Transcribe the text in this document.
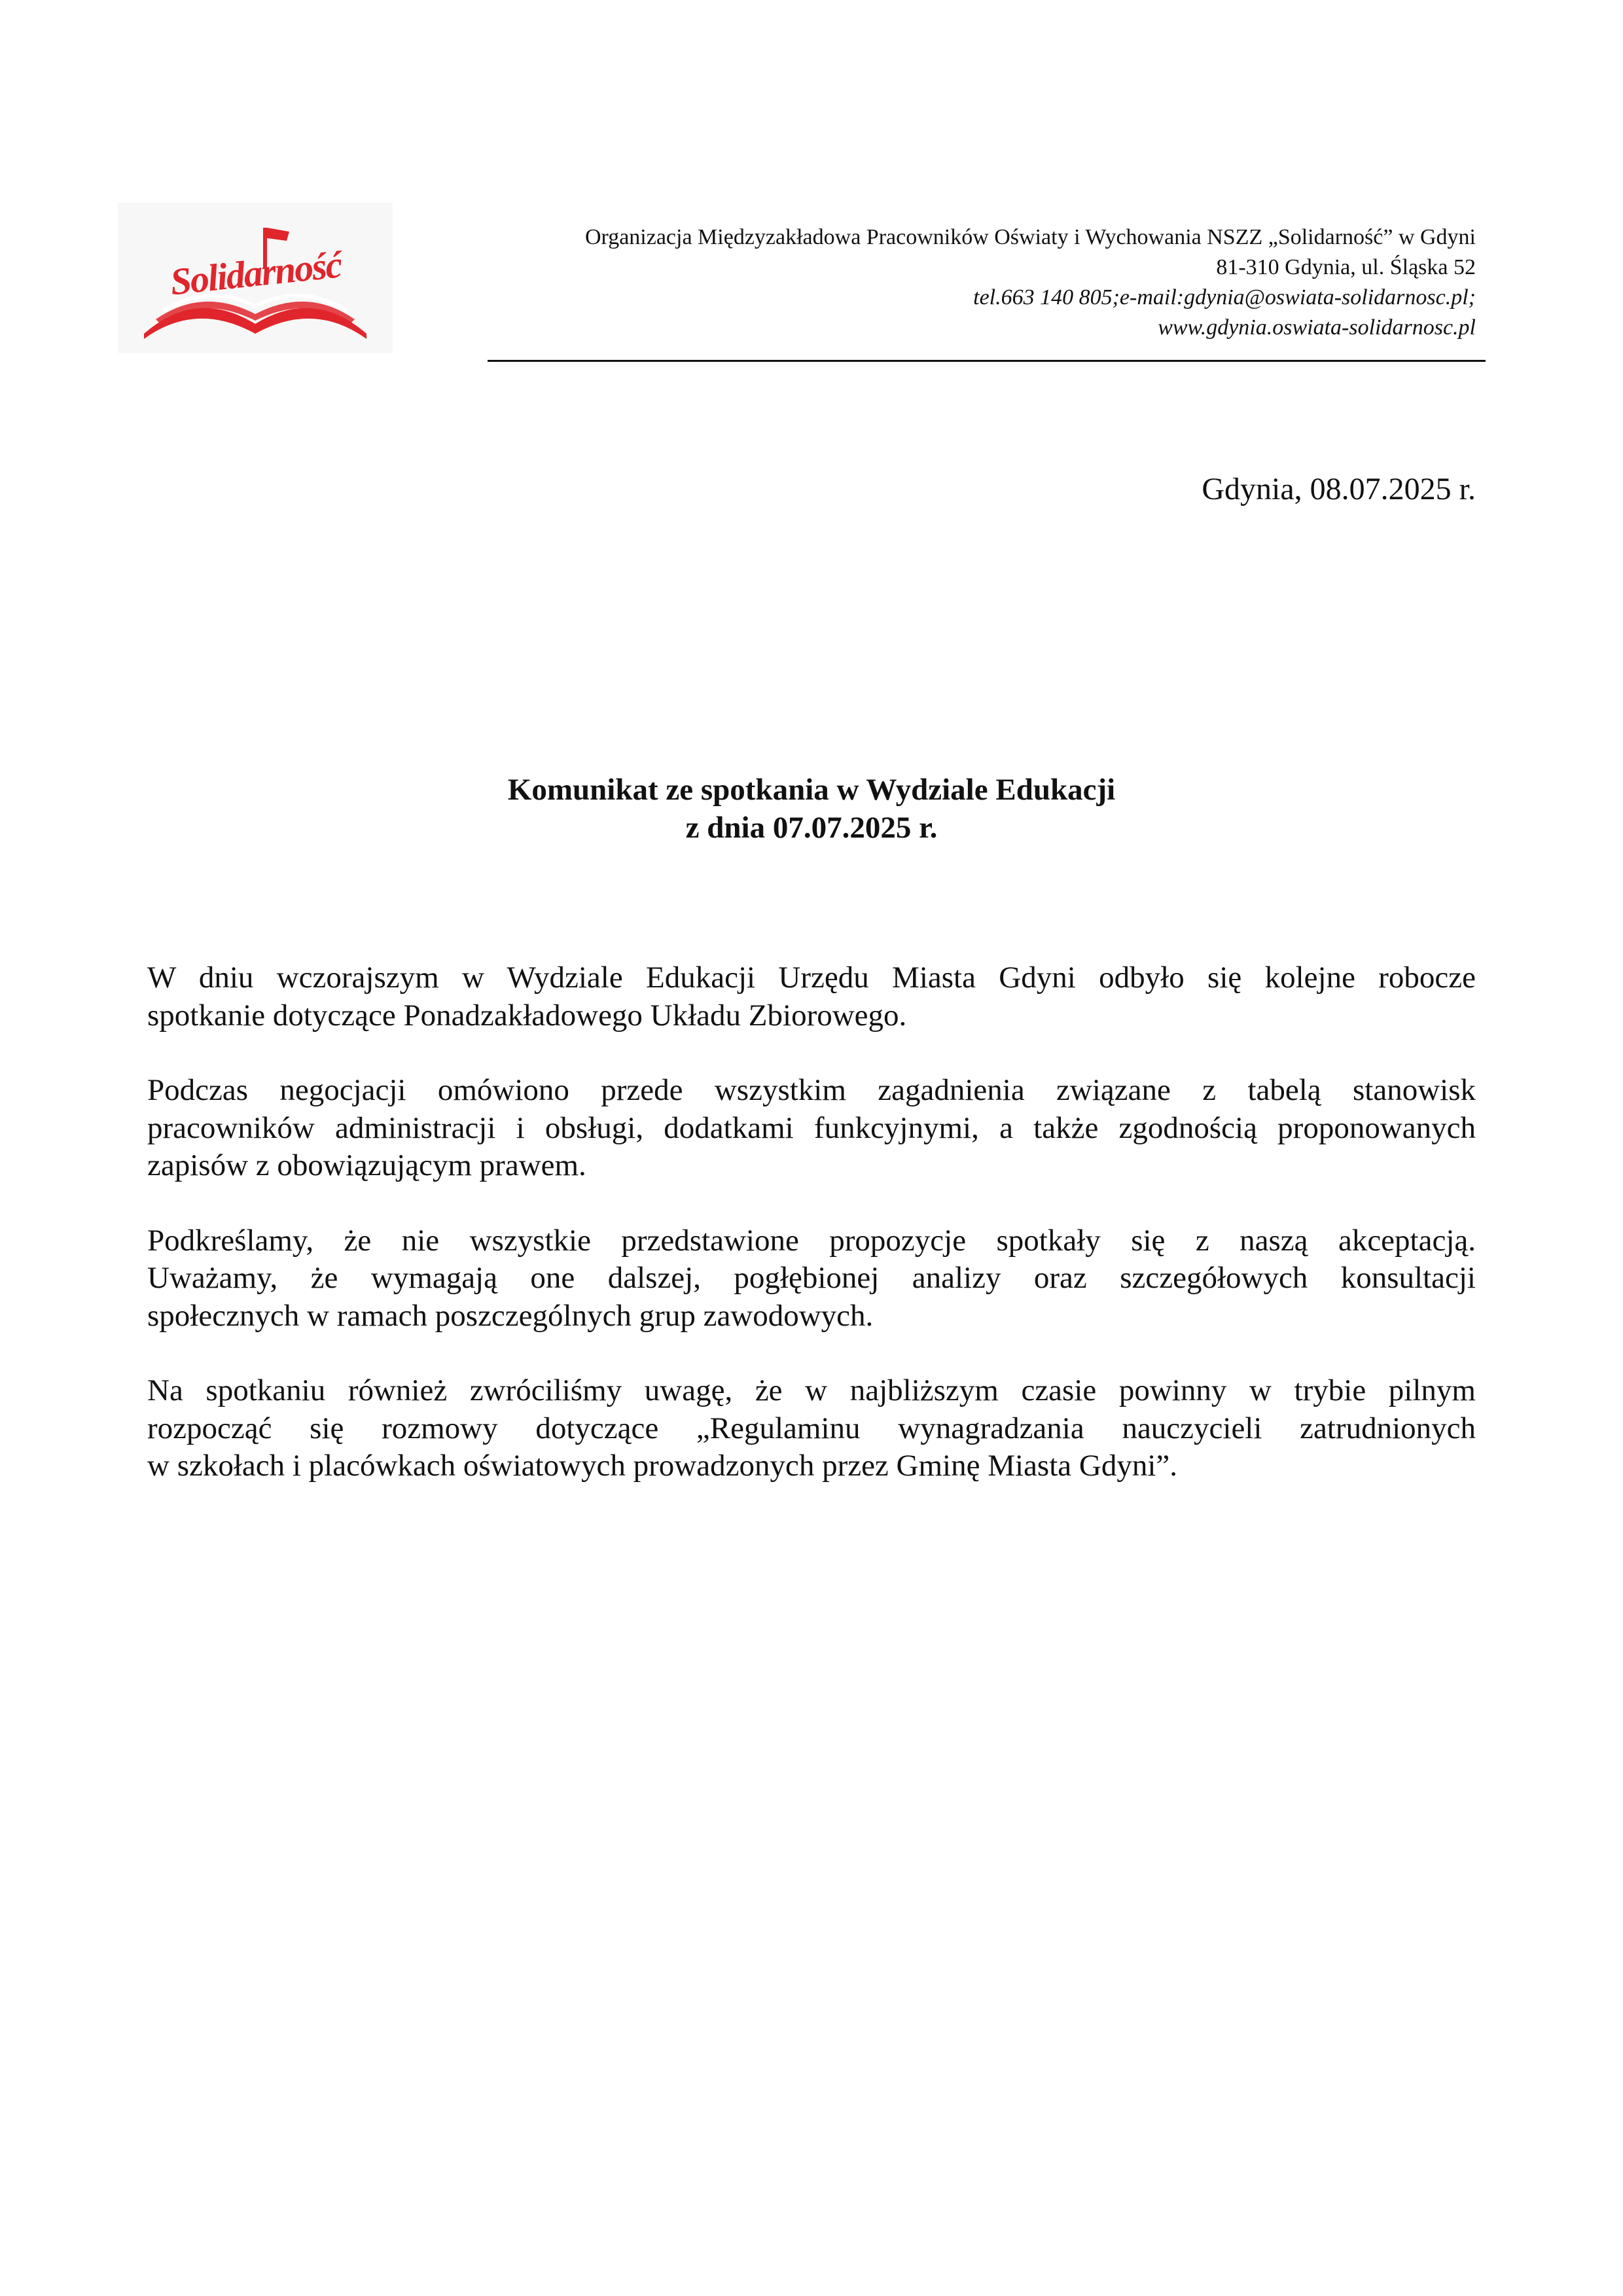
Solidarność
Organizacja Międzyzakładowa Pracowników Oświaty i Wychowania NSZZ „Solidarność” w Gdyni
81-310 Gdynia, ul. Śląska 52
tel.663 140 805;e-mail:gdynia@oswiata-solidarnosc.pl;
www.gdynia.oswiata-solidarnosc.pl
Gdynia, 08.07.2025 r.
Komunikat ze spotkania w Wydziale Edukacji
z dnia 07.07.2025 r.

W dniu wczorajszym w Wydziale Edukacji Urzędu Miasta Gdyni odbyło się kolejne robocze
spotkanie dotyczące Ponadzakładowego Układu Zbiorowego.

Podczas negocjacji omówiono przede wszystkim zagadnienia związane z tabelą stanowisk
pracowników administracji i obsługi, dodatkami funkcyjnymi, a także zgodnością proponowanych
zapisów z obowiązującym prawem.

Podkreślamy, że nie wszystkie przedstawione propozycje spotkały się z naszą akceptacją.
Uważamy, że wymagają one dalszej, pogłębionej analizy oraz szczegółowych konsultacji
społecznych w ramach poszczególnych grup zawodowych.

Na spotkaniu również zwróciliśmy uwagę, że w najbliższym czasie powinny w trybie pilnym
rozpocząć się rozmowy dotyczące „Regulaminu wynagradzania nauczycieli zatrudnionych
w szkołach i placówkach oświatowych prowadzonych przez Gminę Miasta Gdyni”.
